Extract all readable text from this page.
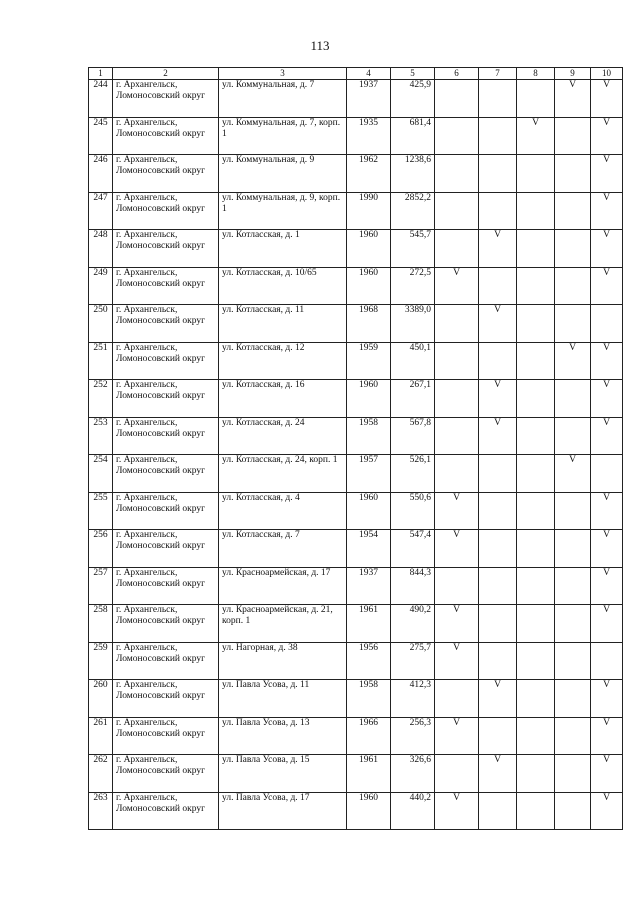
113
1	2	3	4	5	6	7	8	9	10
244	г. Архангельск, Ломоносовский округ	ул. Коммунальная, д. 7	1937	425,9				V	V
245	г. Архангельск, Ломоносовский округ	ул. Коммунальная, д. 7, корп. 1	1935	681,4			V		V
246	г. Архангельск, Ломоносовский округ	ул. Коммунальная, д. 9	1962	1238,6					V
247	г. Архангельск, Ломоносовский округ	ул. Коммунальная, д. 9, корп. 1	1990	2852,2					V
248	г. Архангельск, Ломоносовский округ	ул. Котласская, д. 1	1960	545,7		V			V
249	г. Архангельск, Ломоносовский округ	ул. Котласская, д. 10/65	1960	272,5	V				V
250	г. Архангельск, Ломоносовский округ	ул. Котласская, д. 11	1968	3389,0		V			
251	г. Архангельск, Ломоносовский округ	ул. Котласская, д. 12	1959	450,1				V	V
252	г. Архангельск, Ломоносовский округ	ул. Котласская, д. 16	1960	267,1		V			V
253	г. Архангельск, Ломоносовский округ	ул. Котласская, д. 24	1958	567,8		V			V
254	г. Архангельск, Ломоносовский округ	ул. Котласская, д. 24, корп. 1	1957	526,1				V	
255	г. Архангельск, Ломоносовский округ	ул. Котласская, д. 4	1960	550,6	V				V
256	г. Архангельск, Ломоносовский округ	ул. Котласская, д. 7	1954	547,4	V				V
257	г. Архангельск, Ломоносовский округ	ул. Красноармейская, д. 17	1937	844,3					V
258	г. Архангельск, Ломоносовский округ	ул. Красноармейская, д. 21, корп. 1	1961	490,2	V				V
259	г. Архангельск, Ломоносовский округ	ул. Нагорная, д. 38	1956	275,7	V				
260	г. Архангельск, Ломоносовский округ	ул. Павла Усова, д. 11	1958	412,3		V			V
261	г. Архангельск, Ломоносовский округ	ул. Павла Усова, д. 13	1966	256,3	V				V
262	г. Архангельск, Ломоносовский округ	ул. Павла Усова, д. 15	1961	326,6		V			V
263	г. Архангельск, Ломоносовский округ	ул. Павла Усова, д. 17	1960	440,2	V				V
